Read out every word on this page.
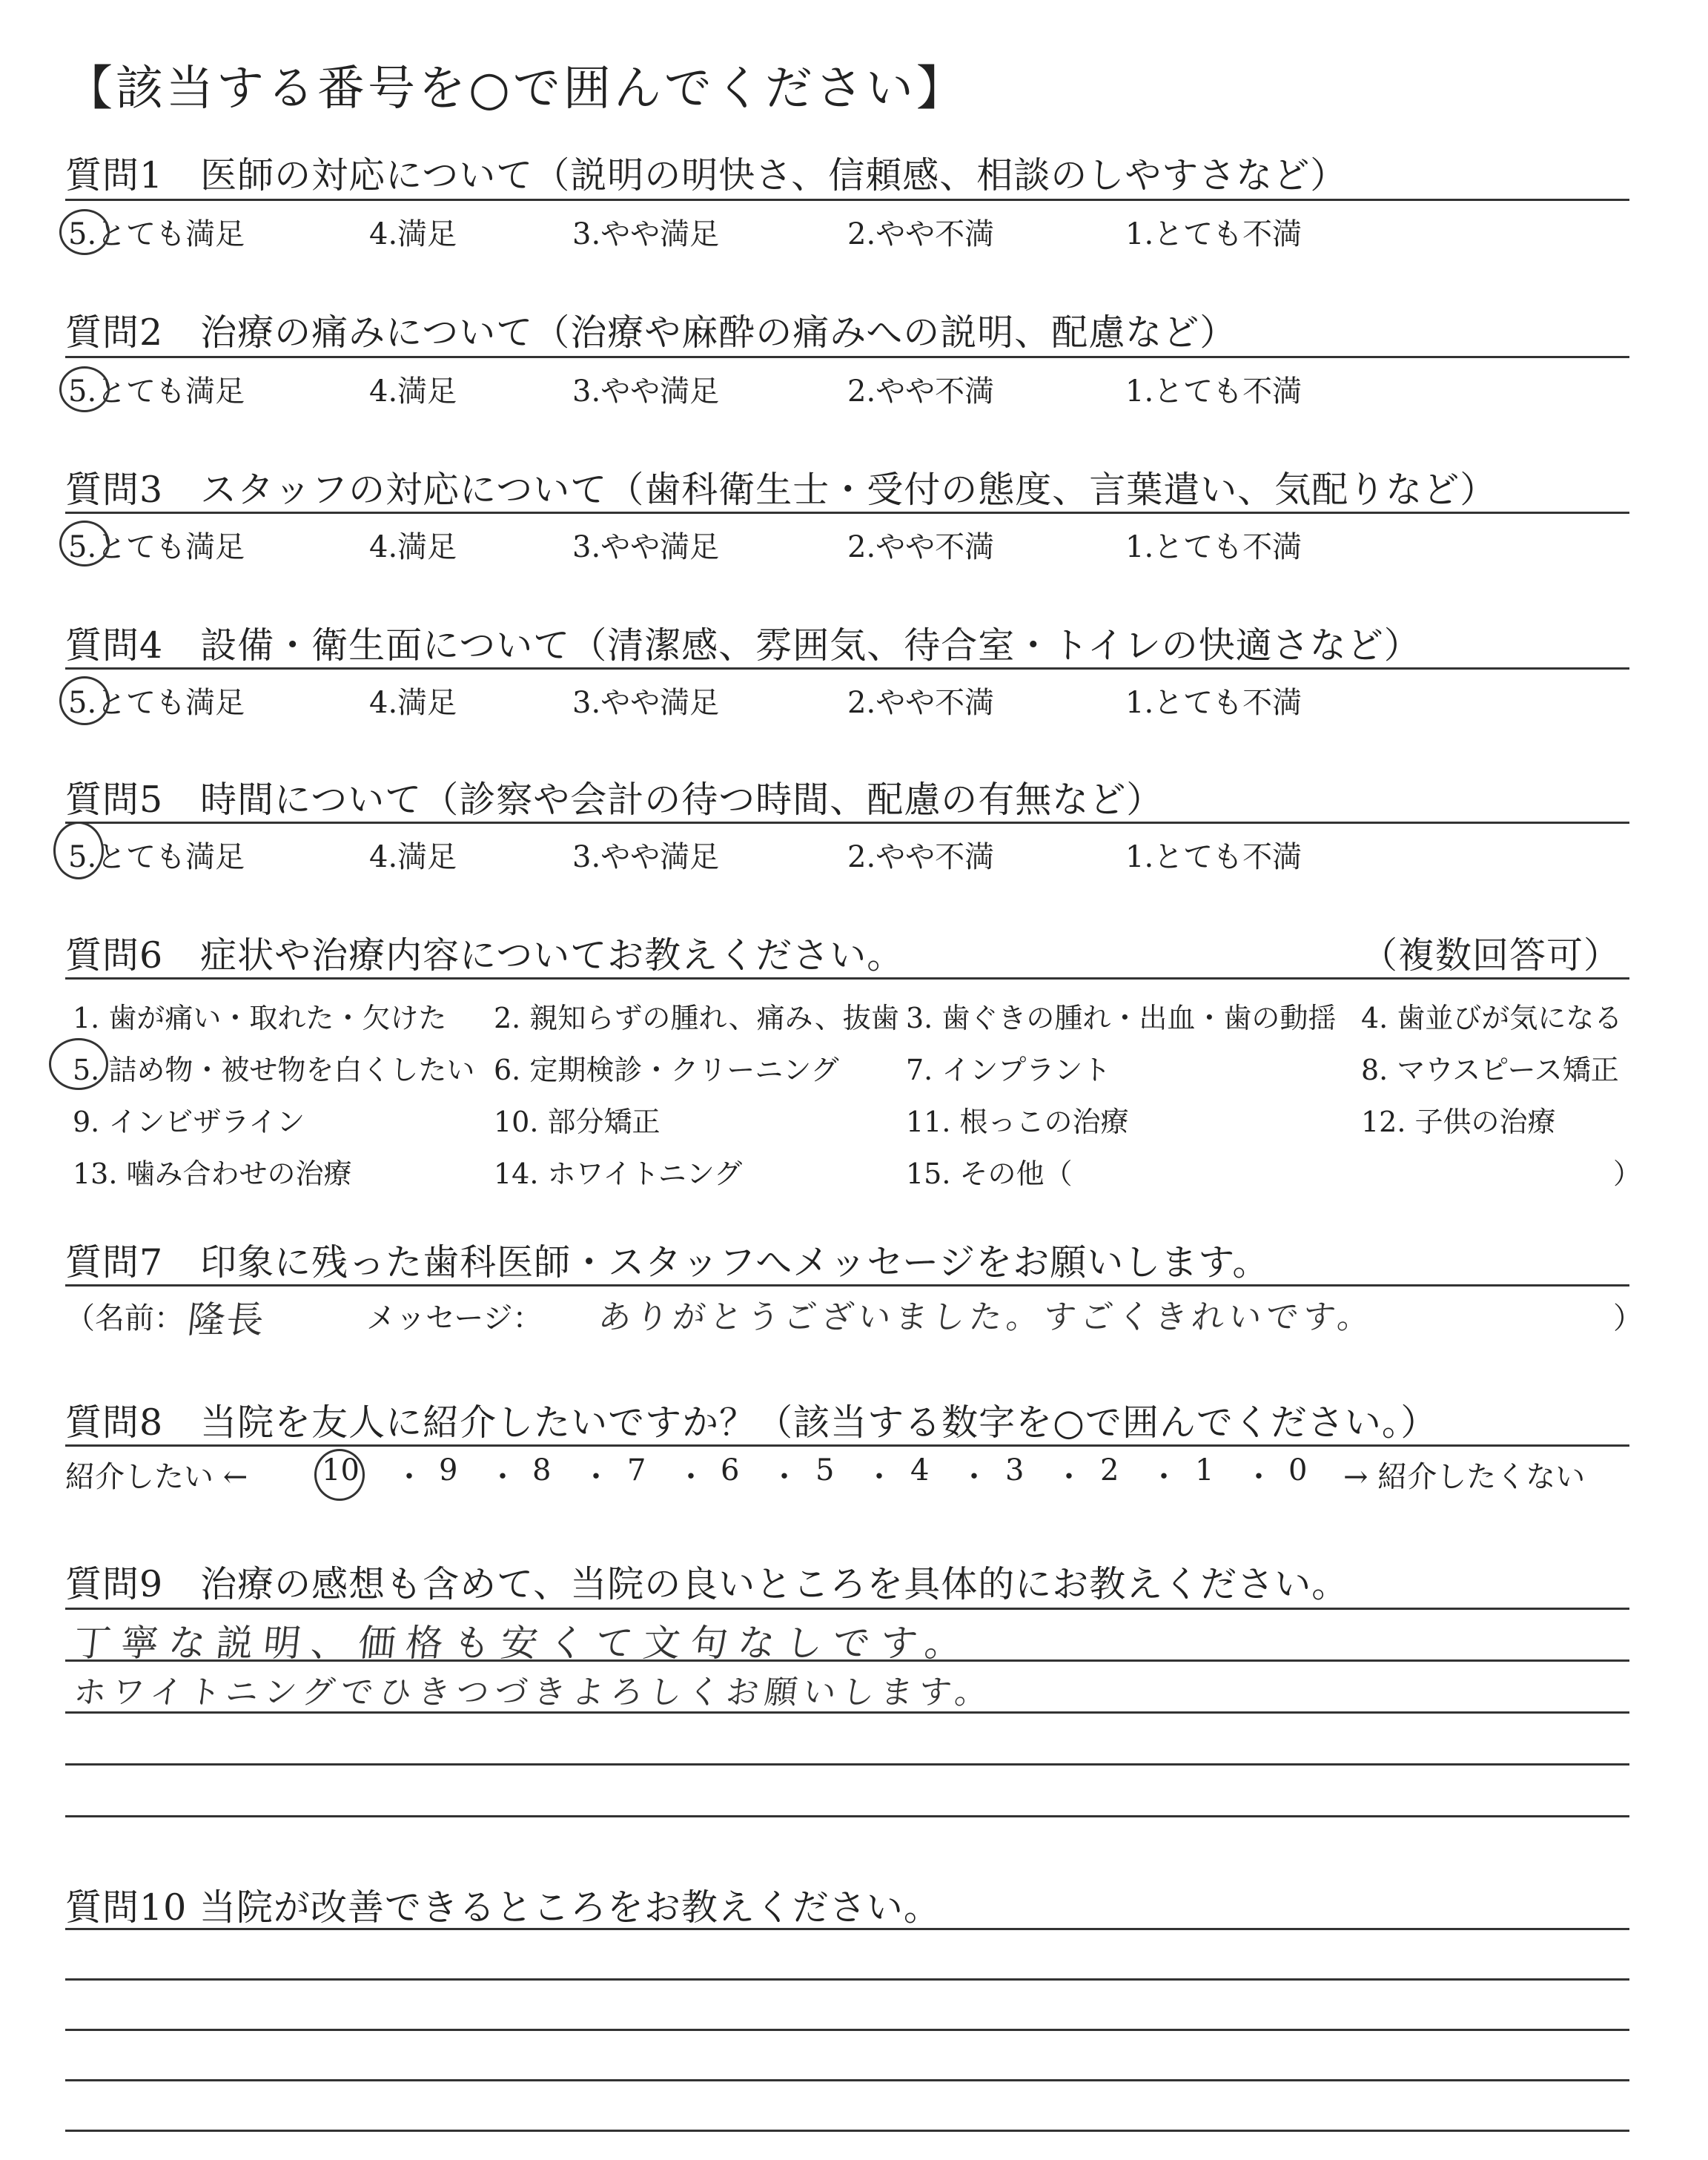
【該当する番号を○で囲んでください】
質問1　医師の対応について（説明の明快さ、信頼感、相談のしやすさなど）
5.とても満足	4.満足	3.やや満足	2.やや不満	1.とても不満
質問2　治療の痛みについて（治療や麻酔の痛みへの説明、配慮など）
5.とても満足	4.満足	3.やや満足	2.やや不満	1.とても不満
質問3　スタッフの対応について（歯科衛生士・受付の態度、言葉遣い、気配りなど）
5.とても満足	4.満足	3.やや満足	2.やや不満	1.とても不満
質問4　設備・衛生面について（清潔感、雰囲気、待合室・トイレの快適さなど）
5.とても満足	4.満足	3.やや満足	2.やや不満	1.とても不満
質問5　時間について（診察や会計の待つ時間、配慮の有無など）
5.とても満足	4.満足	3.やや満足	2.やや不満	1.とても不満
質問6　症状や治療内容についてお教えください。	（複数回答可）
1. 歯が痛い・取れた・欠けた 2. 親知らずの腫れ、痛み、抜歯 3. 歯ぐきの腫れ・出血・歯の動揺 4. 歯並びが気になる
5. 詰め物・被せ物を白くしたい 6. 定期検診・クリーニング 7. インプラント	8. マウスピース矯正
9. インビザライン	10. 部分矯正	11. 根っこの治療	12. 子供の治療
13. 噛み合わせの治療	14. ホワイトニング	15. その他（	）
質問7　印象に残った歯科医師・スタッフへメッセージをお願いします。
（名前： 隆長	メッセージ： ありがとうございました。すごくきれいです。	）
質問8　当院を友人に紹介したいですか？（該当する数字を○で囲んでください。）
紹介したい ← 10 ・ 9 ・ 8 ・ 7 ・ 6 ・ 5 ・ 4 ・ 3 ・ 2 ・ 1 ・ 0 → 紹介したくない
質問9　治療の感想も含めて、当院の良いところを具体的にお教えください。
丁寧な説明、価格も安くて文句なしです。
ホワイトニングでひきつづきよろしくお願いします。
質問10 当院が改善できるところをお教えください。
